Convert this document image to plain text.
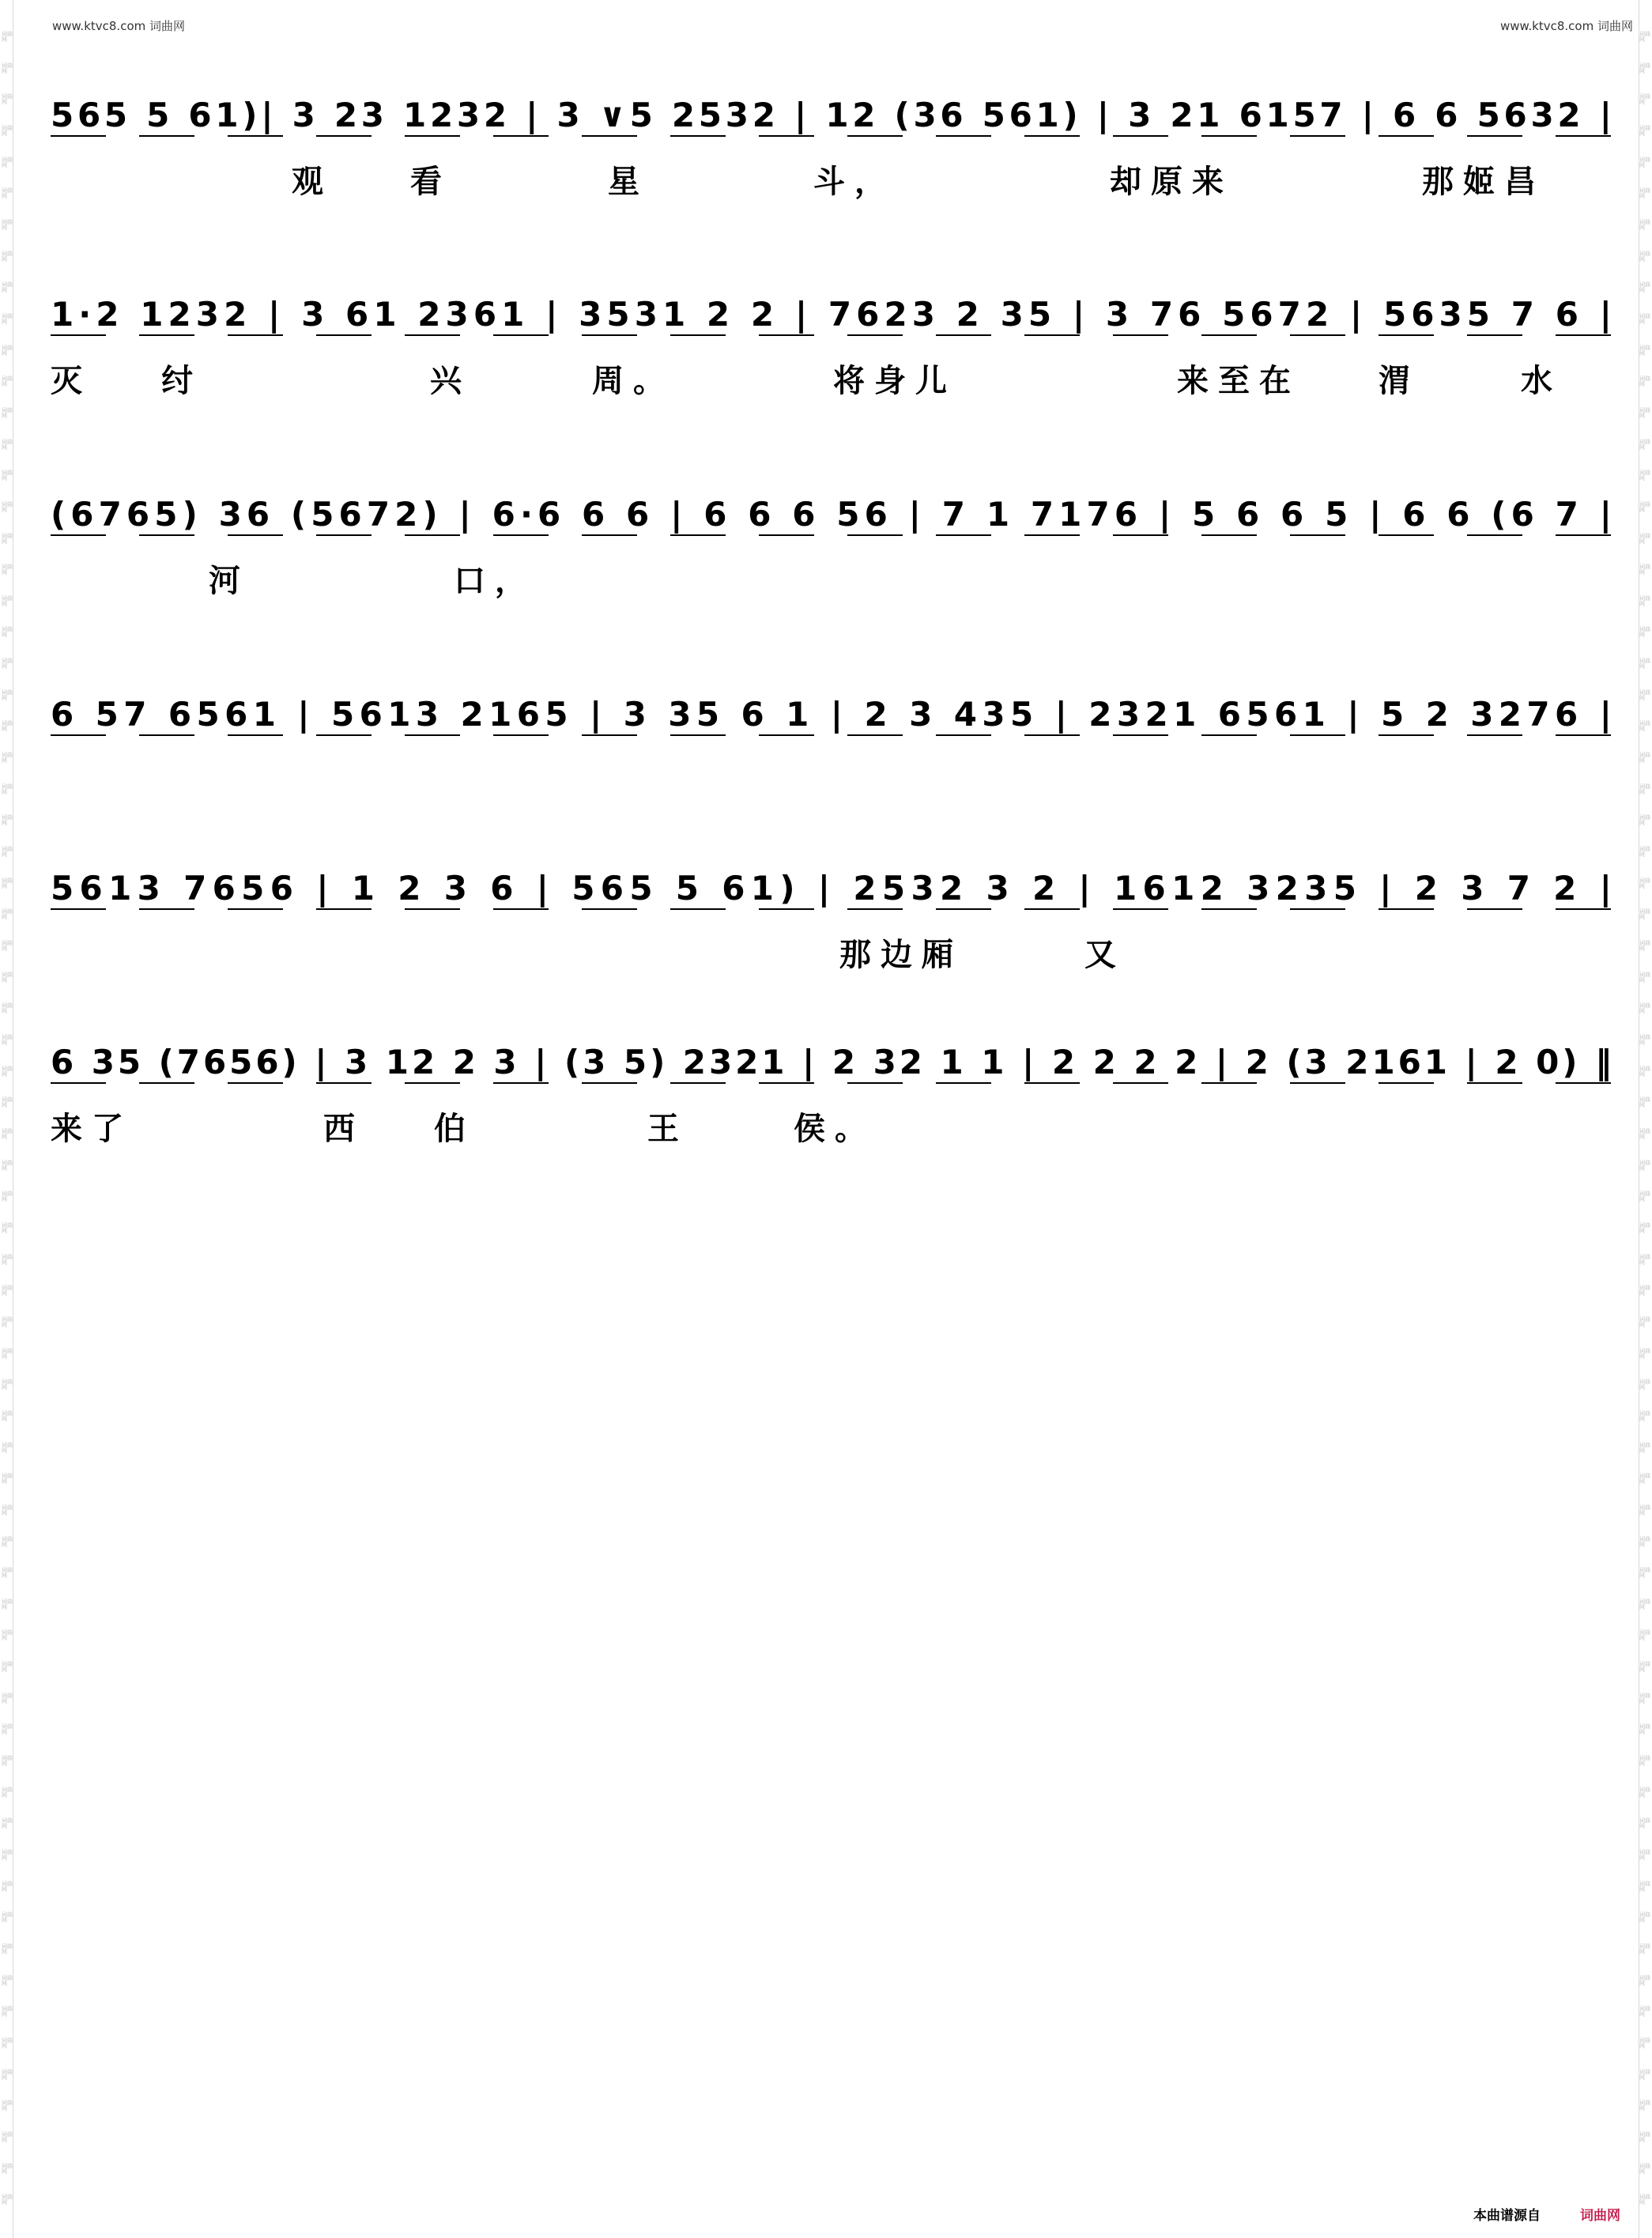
词曲网
词曲网
词曲网
词曲网
词曲网
词曲网
词曲网
词曲网
词曲网
词曲网
词曲网
词曲网
词曲网
词曲网
词曲网
词曲网
词曲网
词曲网
词曲网
词曲网
词曲网
词曲网
词曲网
词曲网
词曲网
词曲网
词曲网
词曲网
词曲网
词曲网
词曲网
词曲网
词曲网
词曲网
词曲网
词曲网
词曲网
词曲网
词曲网
词曲网
词曲网
词曲网
词曲网
词曲网
词曲网
词曲网
词曲网
词曲网
词曲网
词曲网
词曲网
词曲网
词曲网
词曲网
词曲网
词曲网
词曲网
词曲网
词曲网
词曲网
词曲网
词曲网
词曲网
词曲网
词曲网
词曲网
词曲网
词曲网
词曲网
词曲网
词曲网
词曲网
词曲网
词曲网
词曲网
词曲网
词曲网
词曲网
词曲网
词曲网
词曲网
词曲网
词曲网
词曲网
词曲网
词曲网
词曲网
词曲网
词曲网
词曲网
词曲网
词曲网
词曲网
词曲网
词曲网
词曲网
词曲网
词曲网
词曲网
词曲网
词曲网
词曲网
词曲网
词曲网
词曲网
词曲网
词曲网
词曲网
词曲网
词曲网
词曲网
词曲网
词曲网
词曲网
词曲网
词曲网
词曲网
词曲网
词曲网
词曲网
词曲网
词曲网
词曲网
词曲网
词曲网
词曲网
词曲网
词曲网
词曲网
词曲网
词曲网
词曲网
词曲网
词曲网
词曲网
词曲网
词曲网
词曲网
词曲网
词曲网
www.ktvc8.com 词曲网	www.ktvc8.com 词曲网
565 5 61)| 3 23 1232 | 3 ∨5 2532 | 12 (36 561) | 3 21 6157 | 6 6 5632 |
观	看	星	斗，	却原来	那姬昌
1·2 1232 | 3 61 2361 | 3531 2 2 | 7623 2 35 | 3 76 5672 | 5635 7 6 |
灭	纣	兴	周。	将身儿	来至在 渭	水
(6765) 36 (5672) | 6·6 6 6 | 6 6 6 56 | 7 1 7176 | 5 6 6 5 | 6 6 (6 7 |
河	口，
6 57 6561 | 5613 2165 | 3 35 6 1 | 2 3 435 | 2321 6561 | 5 2 3276 |
5613 7656 | 1 2 3 6 | 565 5 61) | 2532 3 2 | 1612 3235 | 2 3 7 2 |
那边厢	又
6 35 (7656) | 3 12 2 3 | (3 5) 2321 | 2 32 1 1 | 2 2 2 2 | 2 (3 2161 | 2 0) ‖
来了	西	伯	王	侯。
本曲谱源自	词曲网
